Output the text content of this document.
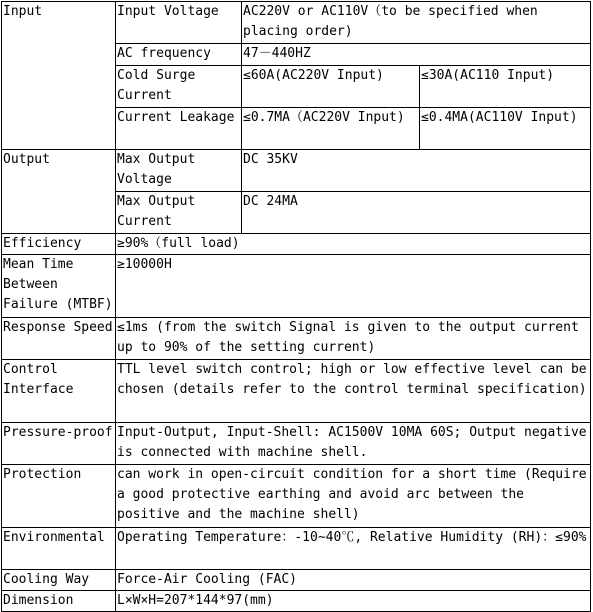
Input	Input Voltage	AC220V or AC110V（to be specified when placing order)	
	AC frequency	47－440HZ	
	Cold Surge Current	≤60A(AC220V Input)	≤30A(AC110 Input)
	Current Leakage	≤0.7MA（AC220V Input)	≤0.4MA(AC110V Input)
Output	Max Output Voltage	DC 35KV	
	Max Output Current	DC 24MA	
Efficiency	≥90%（full load)		
Mean Time Between Failure (MTBF)	≥10000H		
Response Speed	≤1ms (from the switch Signal is given to the output current up to 90% of the setting current)		
Control Interface	TTL level switch control; high or low effective level can be chosen (details refer to the control terminal specification)		
Pressure-proof	Input-Output, Input-Shell: AC1500V 10MA 60S; Output negative is connected with machine shell.		
Protection	can work in open-circuit condition for a short time (Require a good protective earthing and avoid arc between the positive and the machine shell)		
Environmental	Operating Temperature：-10~40℃, Relative Humidity (RH)：≤90%		
Cooling Way	Force-Air Cooling (FAC)		
Dimension	L×W×H=207*144*97(mm)		
